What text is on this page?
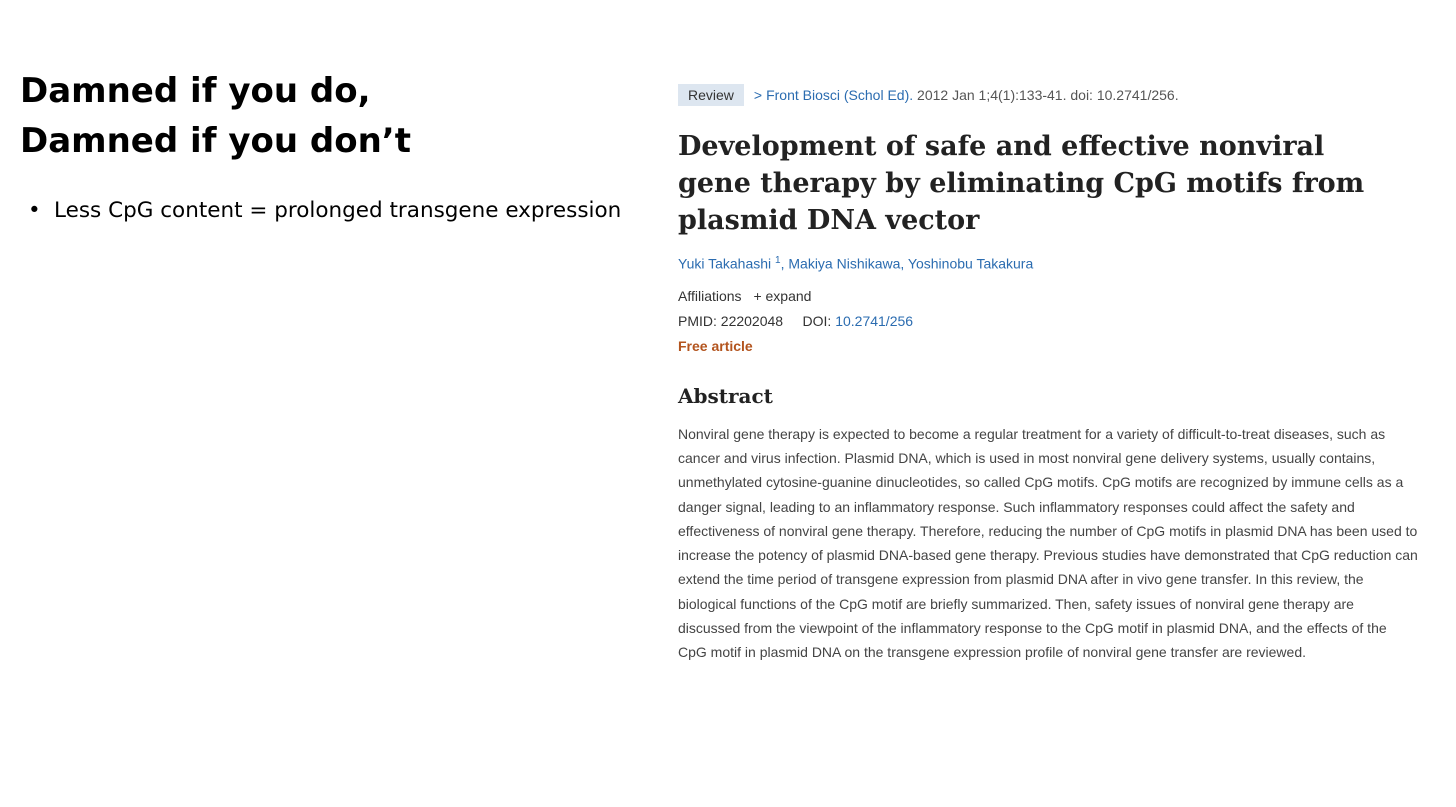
Damned if you do,
Damned if you don’t
• Less CpG content = prolonged transgene expression
Review	> Front Biosci (Schol Ed).
2012 Jan 1;4(1):133-41. doi: 10.2741/256.
Development of safe and effective nonviral gene therapy by eliminating CpG motifs from plasmid DNA vector
Yuki Takahashi $^1$, Makiya Nishikawa, Yoshinobu Takakura
Affiliations + expand
PMID: 22202048 DOI: 10.2741/256
Free article
Abstract
Nonviral gene therapy is expected to become a regular treatment for a variety of difficult-to-treat diseases, such as cancer and virus infection. Plasmid DNA, which is used in most nonviral gene delivery systems, usually contains, unmethylated cytosine-guanine dinucleotides, so called CpG motifs. CpG motifs are recognized by immune cells as a danger signal, leading to an inflammatory response. Such inflammatory responses could affect the safety and effectiveness of nonviral gene therapy. Therefore, reducing the number of CpG motifs in plasmid DNA has been used to increase the potency of plasmid DNA-based gene therapy. Previous studies have demonstrated that CpG reduction can extend the time period of transgene expression from plasmid DNA after in vivo gene transfer. In this review, the biological functions of the CpG motif are briefly summarized. Then, safety issues of nonviral gene therapy are discussed from the viewpoint of the inflammatory response to the CpG motif in plasmid DNA, and the effects of the CpG motif in plasmid DNA on the transgene expression profile of nonviral gene transfer are reviewed.
